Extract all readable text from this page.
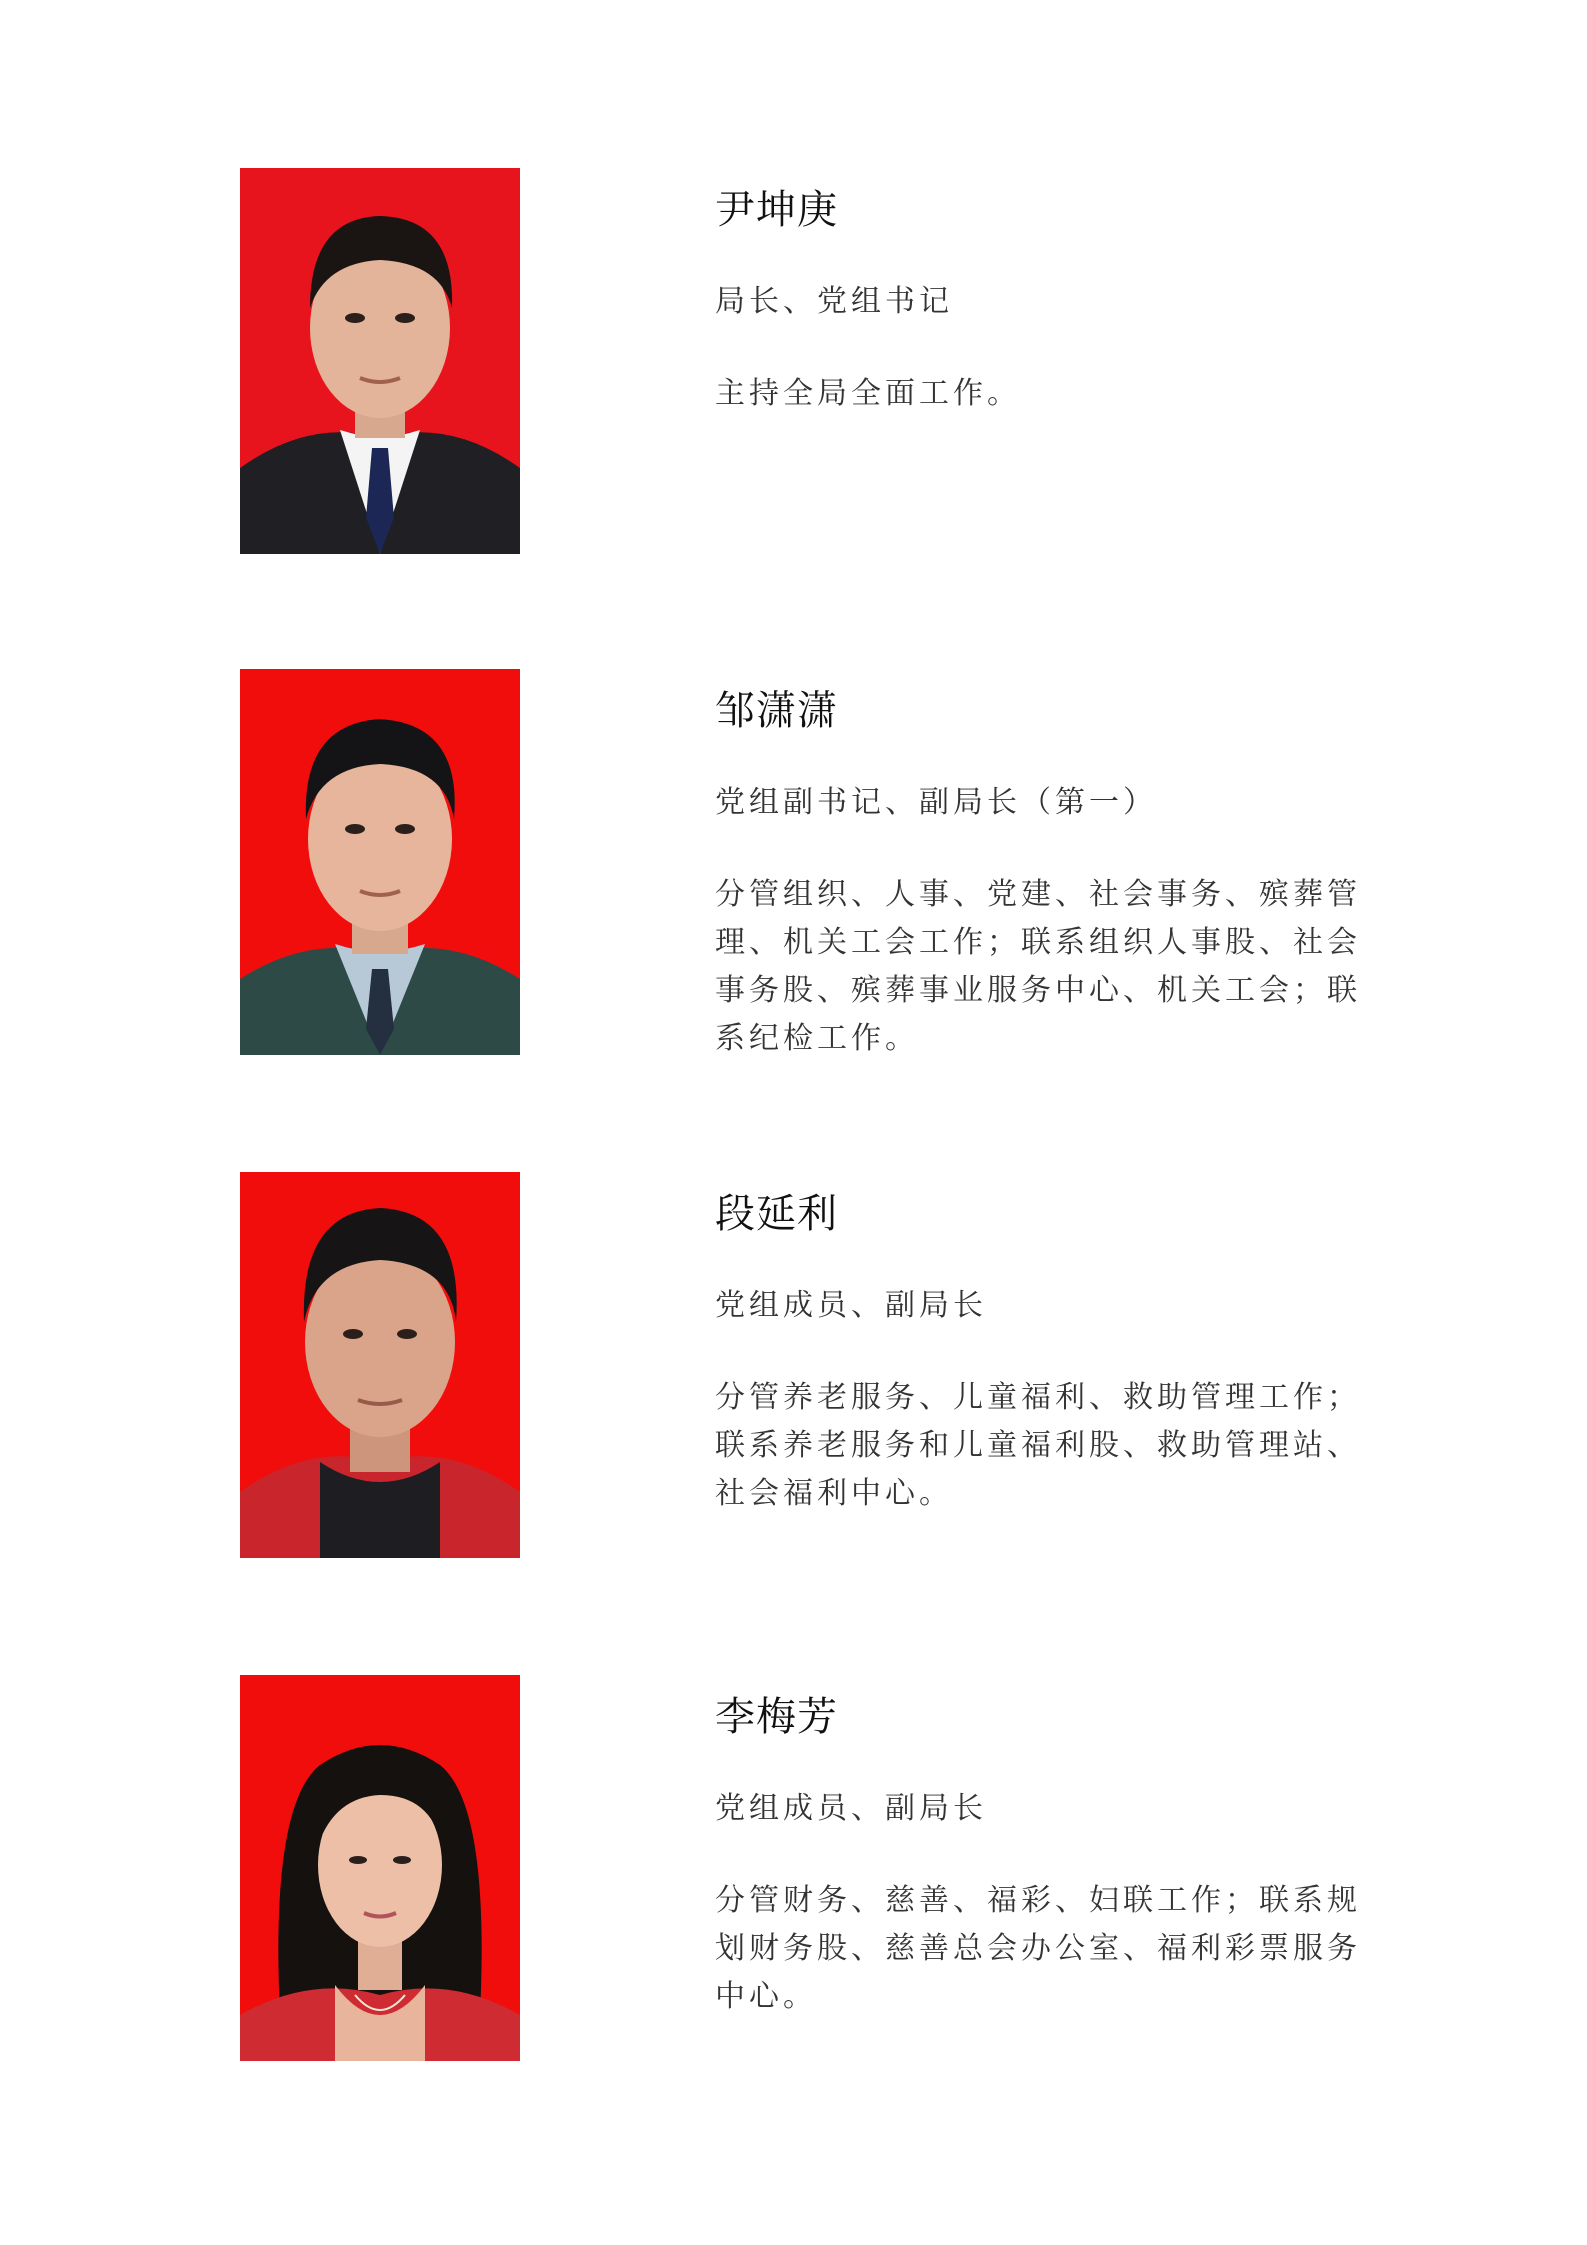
尹坤庚
局长、党组书记
主持全局全面工作。
邹潇潇
党组副书记、副局长（第一）
分管组织、人事、党建、社会事务、殡葬管理、机关工会工作；联系组织人事股、社会事务股、殡葬事业服务中心、机关工会；联系纪检工作。
段延利
党组成员、副局长
分管养老服务、儿童福利、救助管理工作；联系养老服务和儿童福利股、救助管理站、社会福利中心。
李梅芳
党组成员、副局长
分管财务、慈善、福彩、妇联工作；联系规划财务股、慈善总会办公室、福利彩票服务中心。
